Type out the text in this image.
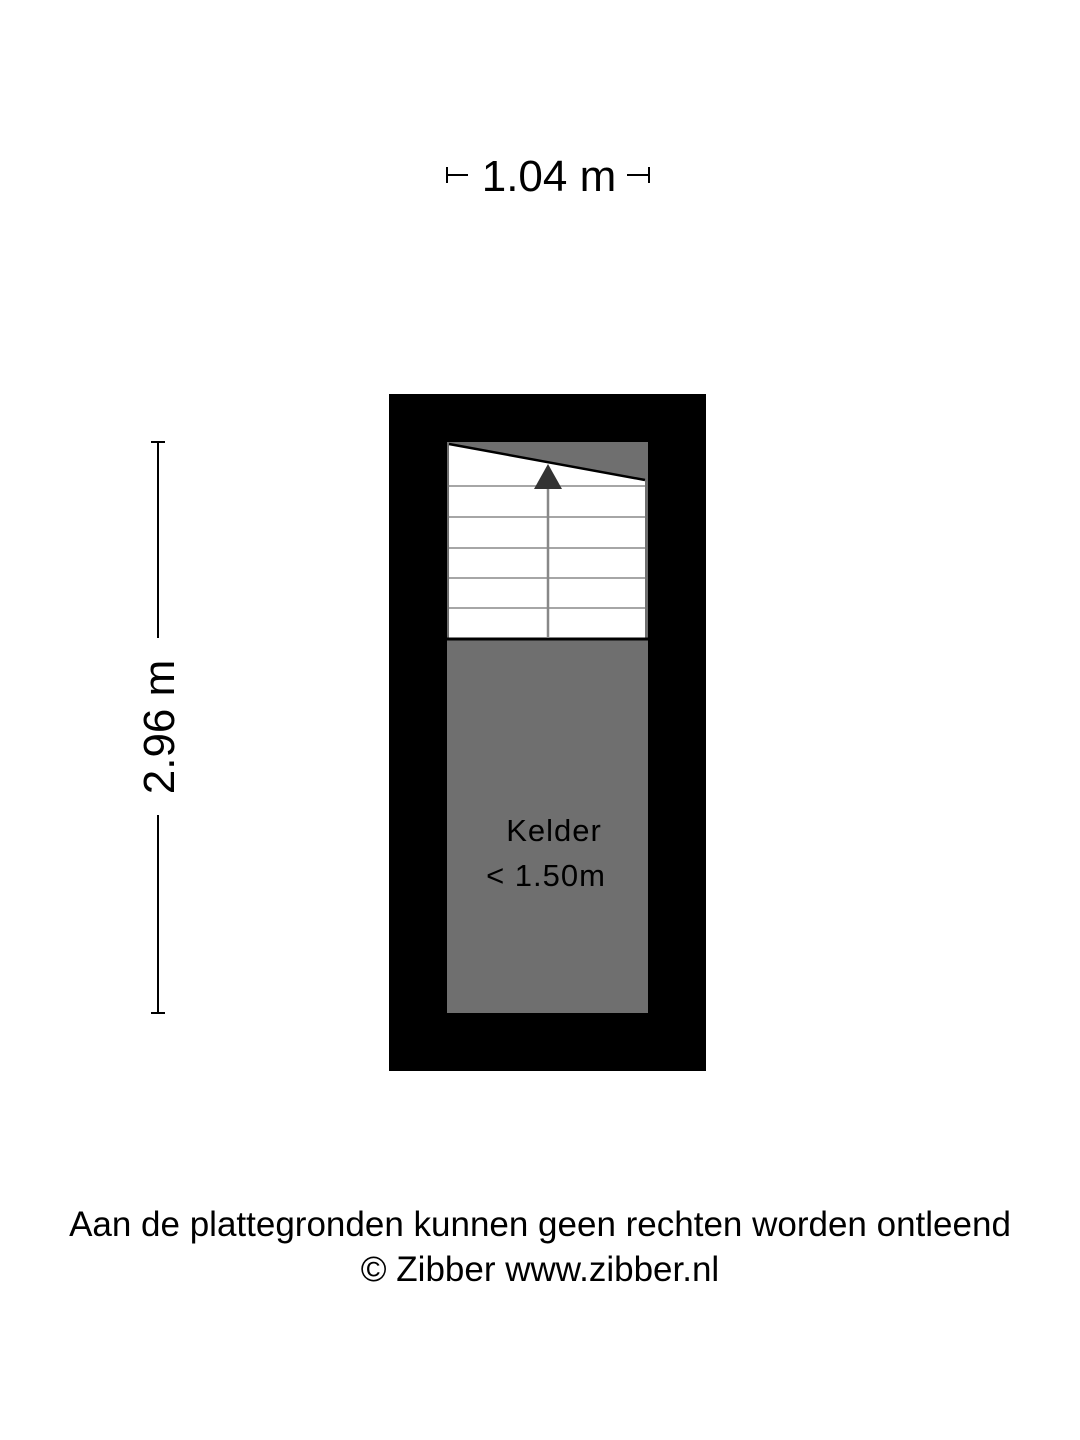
1.04 m
2.96 m
Kelder
< 1.50m
Aan de plattegronden kunnen geen rechten worden ontleend
© Zibber www.zibber.nl
